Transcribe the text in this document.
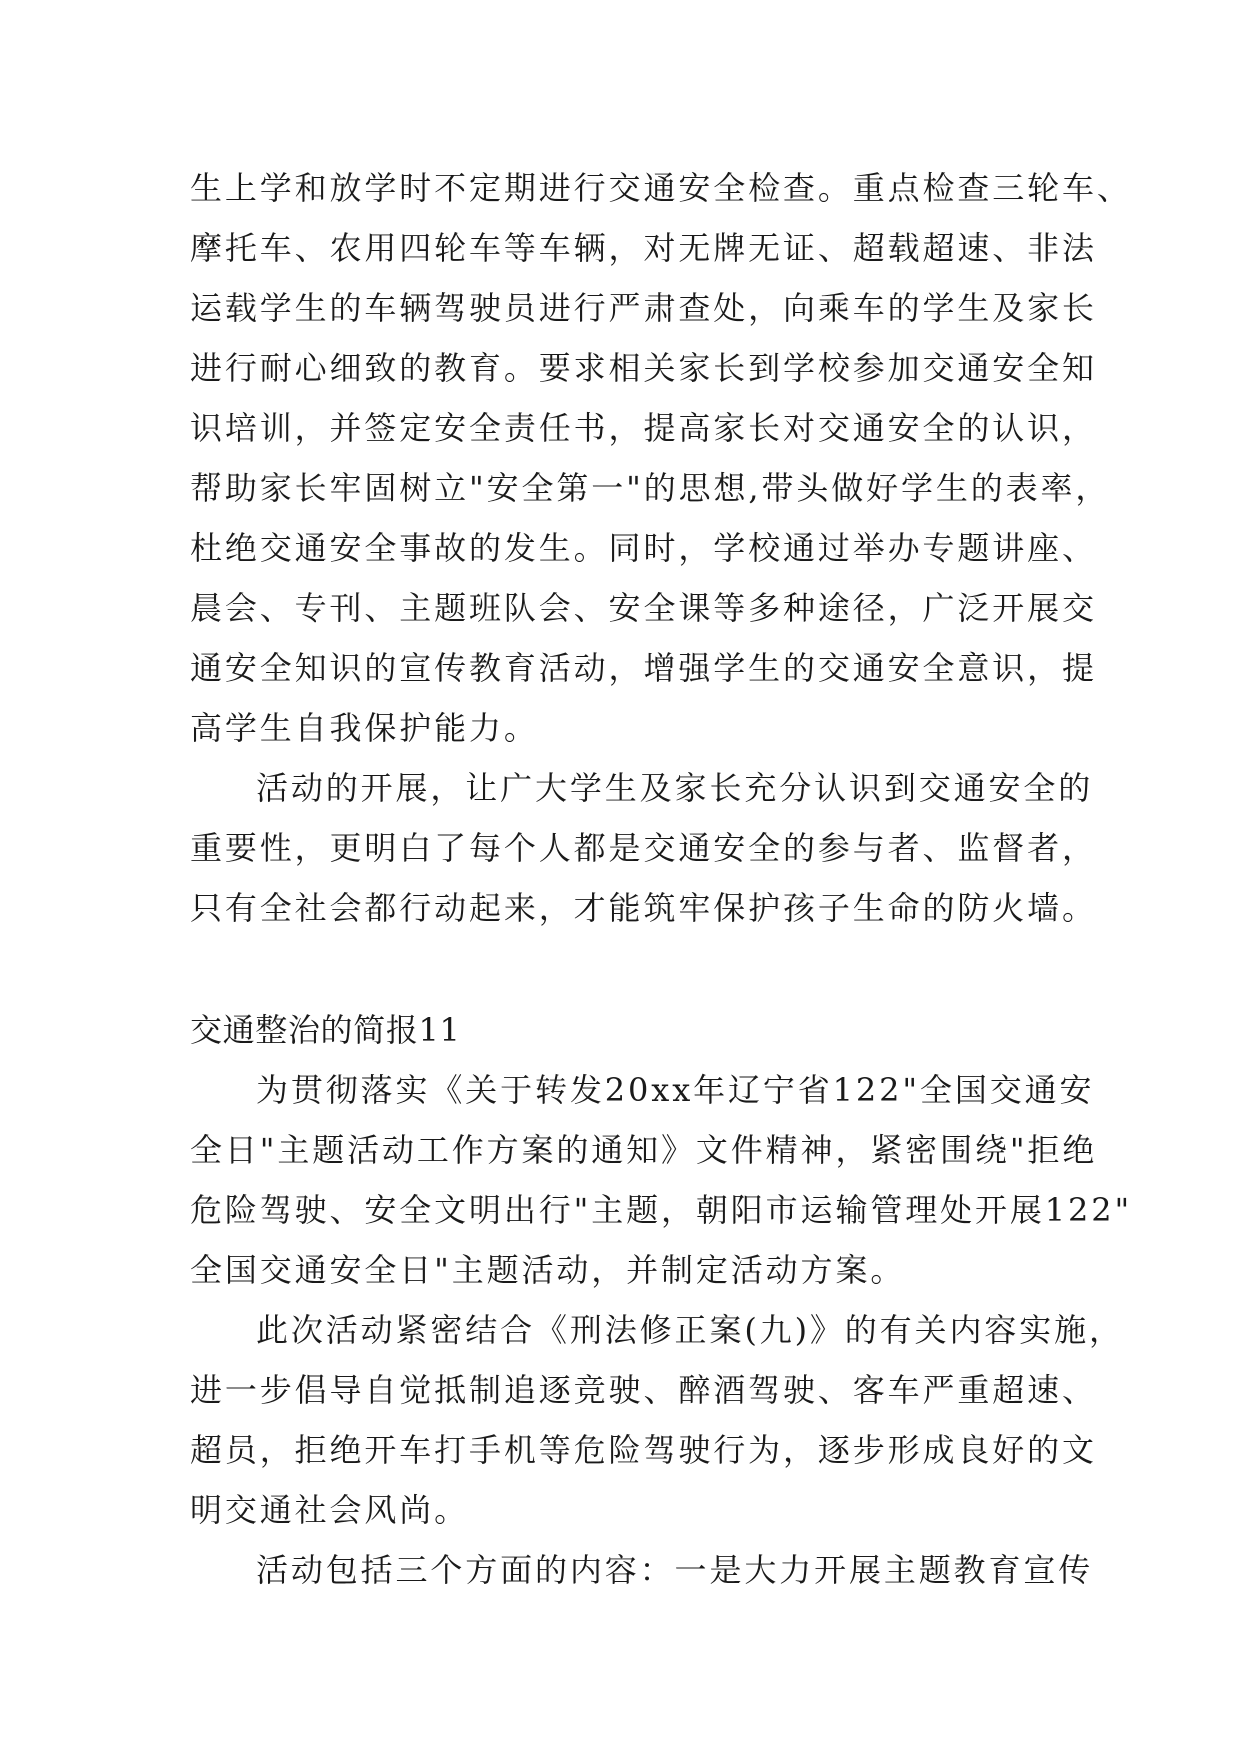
生上学和放学时不定期进行交通安全检查。重点检查三轮车、
摩托车、农用四轮车等车辆，对无牌无证、超载超速、非法
运载学生的车辆驾驶员进行严肃查处，向乘车的学生及家长
进行耐心细致的教育。要求相关家长到学校参加交通安全知
识培训，并签定安全责任书，提高家长对交通安全的认识，
帮助家长牢固树立"安全第一"的思想,带头做好学生的表率，
杜绝交通安全事故的发生。同时，学校通过举办专题讲座、
晨会、专刊、主题班队会、安全课等多种途径，广泛开展交
通安全知识的宣传教育活动，增强学生的交通安全意识，提
高学生自我保护能力。
活动的开展，让广大学生及家长充分认识到交通安全的
重要性，更明白了每个人都是交通安全的参与者、监督者，
只有全社会都行动起来，才能筑牢保护孩子生命的防火墙。
交通整治的简报11
为贯彻落实《关于转发20xx年辽宁省122"全国交通安
全日"主题活动工作方案的通知》文件精神，紧密围绕"拒绝
危险驾驶、安全文明出行"主题，朝阳市运输管理处开展122"
全国交通安全日"主题活动，并制定活动方案。
此次活动紧密结合《刑法修正案(九)》的有关内容实施，
进一步倡导自觉抵制追逐竞驶、醉酒驾驶、客车严重超速、
超员，拒绝开车打手机等危险驾驶行为，逐步形成良好的文
明交通社会风尚。
活动包括三个方面的内容：一是大力开展主题教育宣传
